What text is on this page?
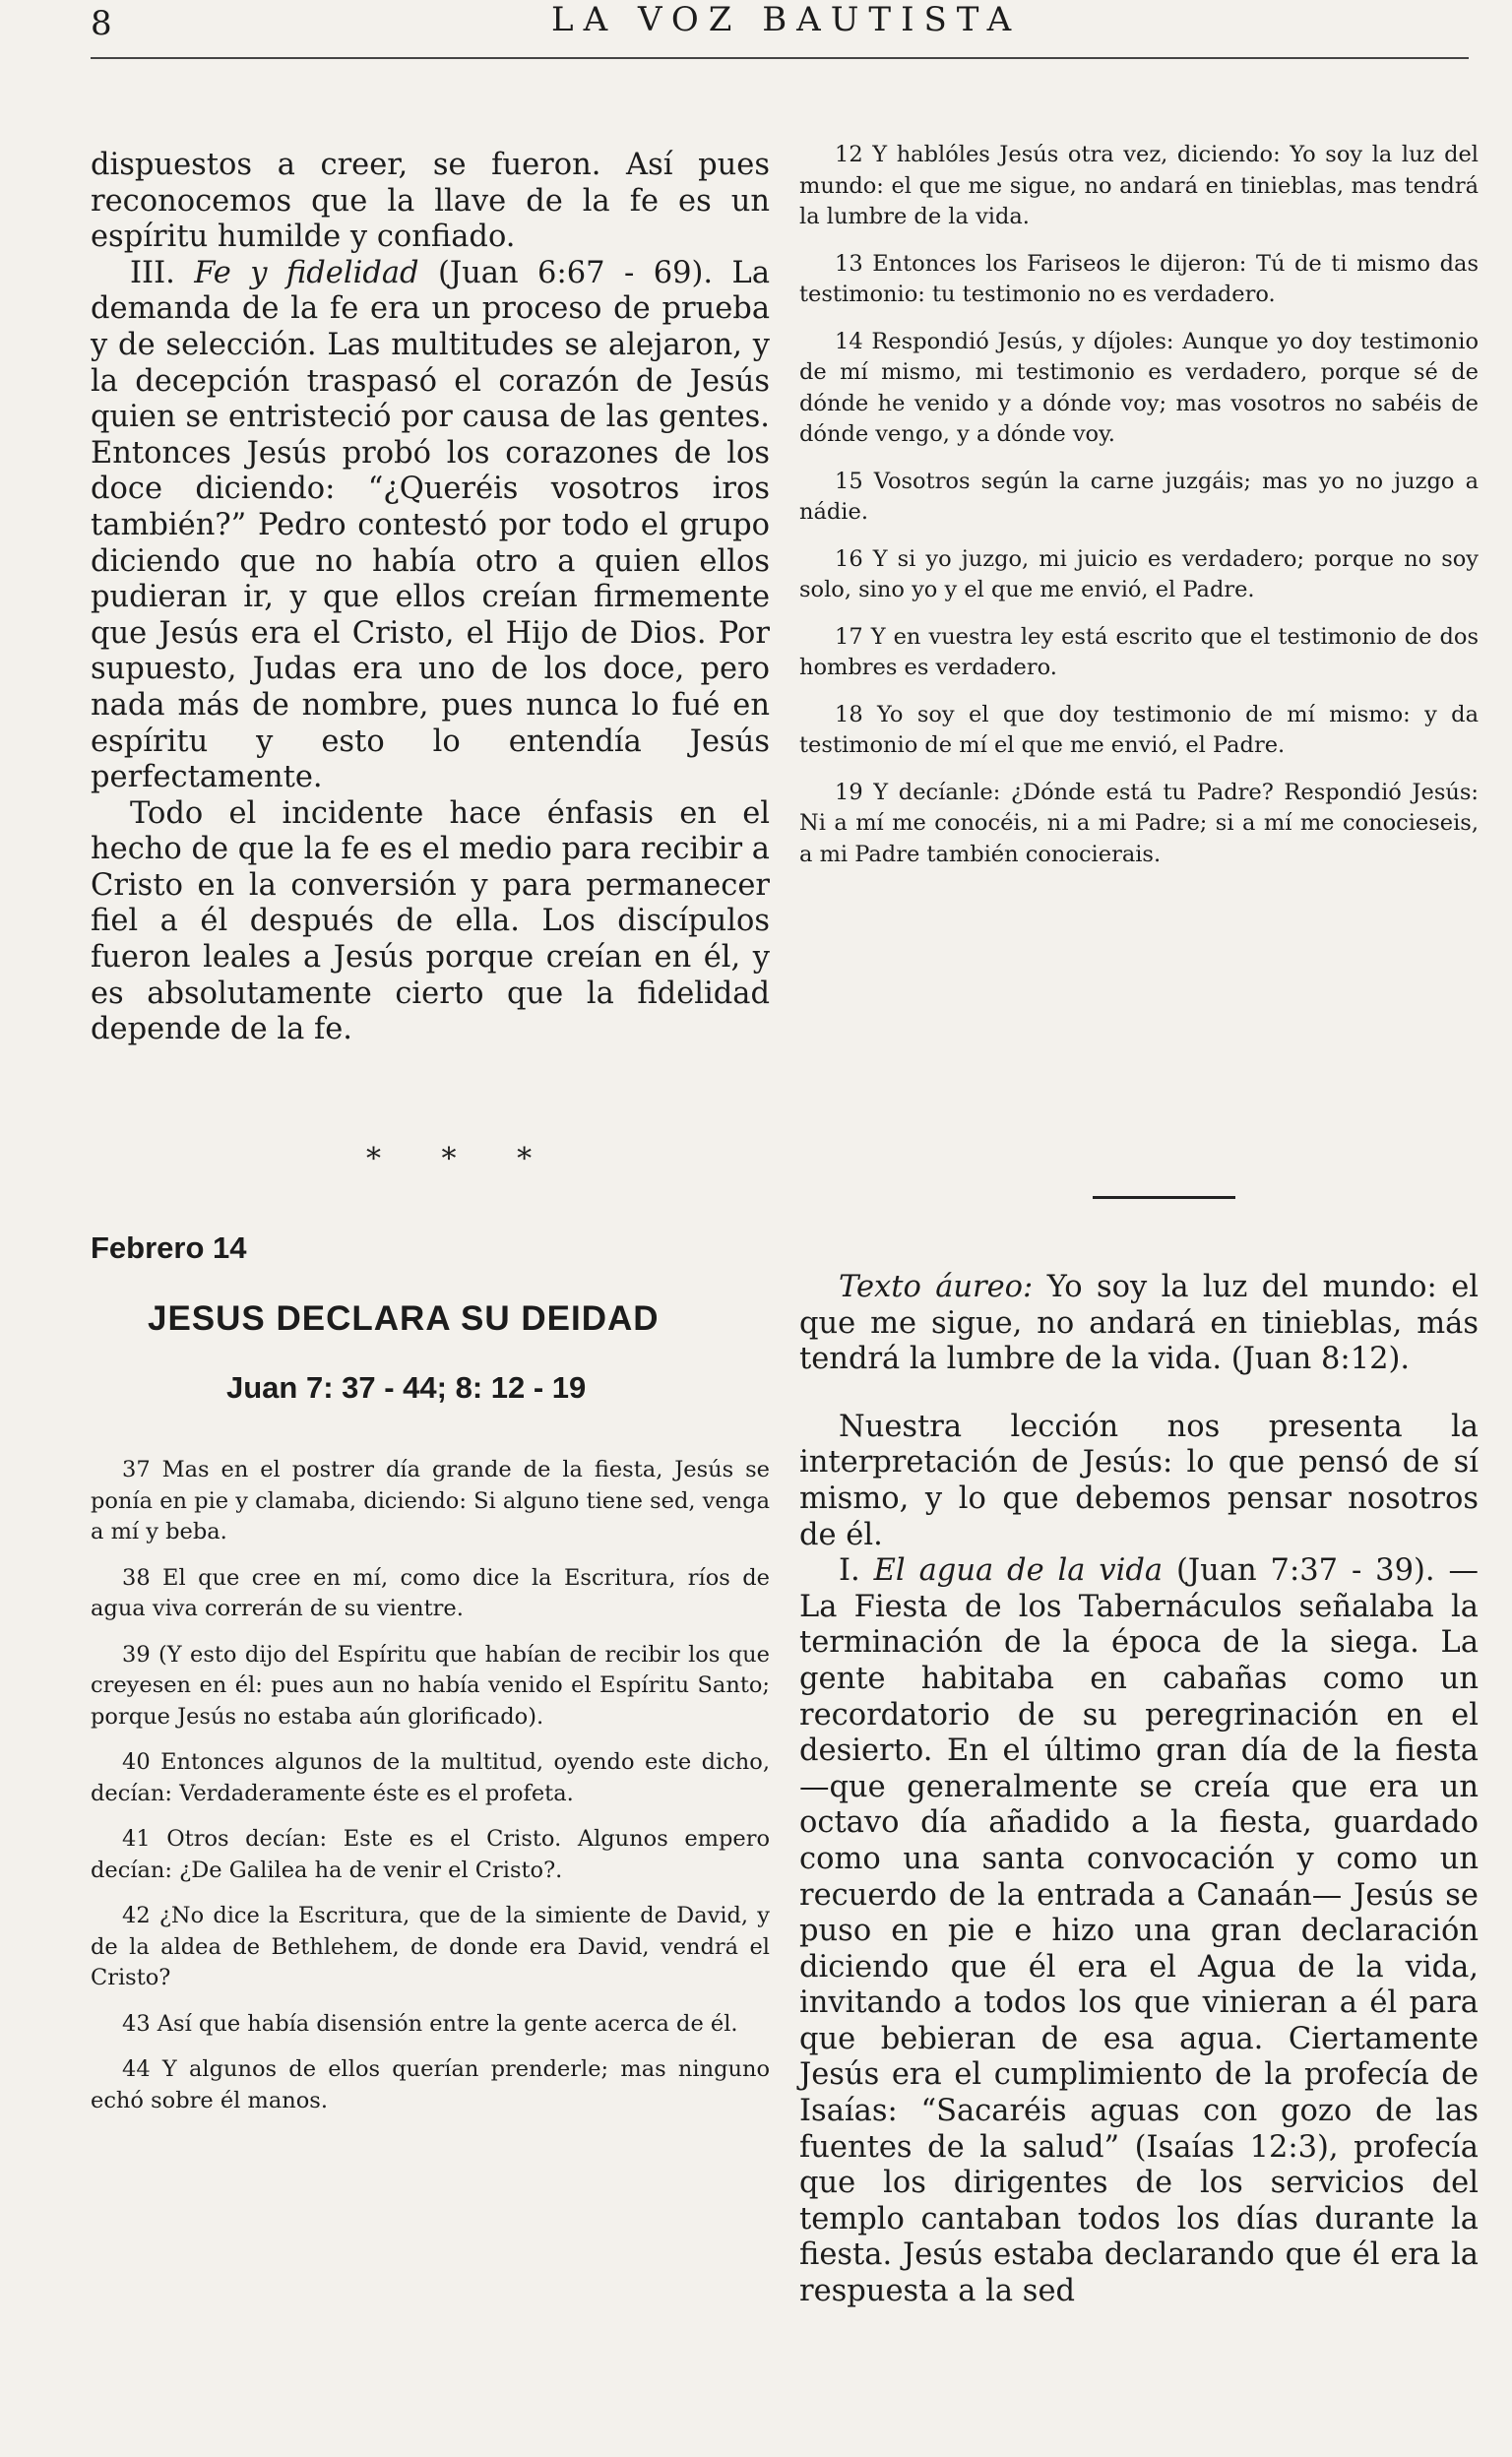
8	LA VOZ BAUTISTA

dispuestos a creer, se fueron. Así pues reconocemos que la llave de la fe es un espíritu humilde y confiado.

III. Fe y fidelidad (Juan 6:67 - 69). La demanda de la fe era un proceso de prueba y de selección. Las multitudes se alejaron, y la decepción traspasó el corazón de Jesús quien se entristeció por causa de las gentes. Entonces Jesús probó los corazones de los doce diciendo: “¿Queréis vosotros iros también?” Pedro contestó por todo el grupo diciendo que no había otro a quien ellos pudieran ir, y que ellos creían firmemente que Jesús era el Cristo, el Hijo de Dios. Por supuesto, Judas era uno de los doce, pero nada más de nombre, pues nunca lo fué en espíritu y esto lo entendía Jesús perfectamente.

Todo el incidente hace énfasis en el hecho de que la fe es el medio para recibir a Cristo en la conversión y para permanecer fiel a él después de ella. Los discípulos fueron leales a Jesús porque creían en él, y es absolutamente cierto que la fidelidad depende de la fe.

* * *

12 Y hablóles Jesús otra vez, diciendo: Yo soy la luz del mundo: el que me sigue, no andará en tinieblas, mas tendrá la lumbre de la vida.

13 Entonces los Fariseos le dijeron: Tú de ti mismo das testimonio: tu testimonio no es verdadero.

14 Respondió Jesús, y díjoles: Aunque yo doy testimonio de mí mismo, mi testimonio es verdadero, porque sé de dónde he venido y a dónde voy; mas vosotros no sabéis de dónde vengo, y a dónde voy.

15 Vosotros según la carne juzgáis; mas yo no juzgo a nádie.

16 Y si yo juzgo, mi juicio es verdadero; porque no soy solo, sino yo y el que me envió, el Padre.

17 Y en vuestra ley está escrito que el testimonio de dos hombres es verdadero.

18 Yo soy el que doy testimonio de mí mismo: y da testimonio de mí el que me envió, el Padre.

19 Y decíanle: ¿Dónde está tu Padre? Respondió Jesús: Ni a mí me conocéis, ni a mi Padre; si a mí me conocieseis, a mi Padre también conocierais.

Febrero 14
JESUS DECLARA SU DEIDAD
Juan 7: 37 - 44; 8: 12 - 19

37 Mas en el postrer día grande de la fiesta, Jesús se ponía en pie y clamaba, diciendo: Si alguno tiene sed, venga a mí y beba.

38 El que cree en mí, como dice la Escritura, ríos de agua viva correrán de su vientre.

39 (Y esto dijo del Espíritu que habían de recibir los que creyesen en él: pues aun no había venido el Espíritu Santo; porque Jesús no estaba aún glorificado).

40 Entonces algunos de la multitud, oyendo este dicho, decían: Verdaderamente éste es el profeta.

41 Otros decían: Este es el Cristo. Algunos empero decían: ¿De Galilea ha de venir el Cristo?.

42 ¿No dice la Escritura, que de la simiente de David, y de la aldea de Bethlehem, de donde era David, vendrá el Cristo?

43 Así que había disensión entre la gente acerca de él.

44 Y algunos de ellos querían prenderle; mas ninguno echó sobre él manos.

Texto áureo: Yo soy la luz del mundo: el que me sigue, no andará en tinieblas, más tendrá la lumbre de la vida. (Juan 8:12).

Nuestra lección nos presenta la interpretación de Jesús: lo que pensó de sí mismo, y lo que debemos pensar nosotros de él.

I. El agua de la vida (Juan 7:37 - 39). — La Fiesta de los Tabernáculos señalaba la terminación de la época de la siega. La gente habitaba en cabañas como un recordatorio de su peregrinación en el desierto. En el último gran día de la fiesta —que generalmente se creía que era un octavo día añadido a la fiesta, guardado como una santa convocación y como un recuerdo de la entrada a Canaán— Jesús se puso en pie e hizo una gran declaración diciendo que él era el Agua de la vida, invitando a todos los que vinieran a él para que bebieran de esa agua. Ciertamente Jesús era el cumplimiento de la profecía de Isaías: “Sacaréis aguas con gozo de las fuentes de la salud” (Isaías 12:3), profecía que los dirigentes de los servicios del templo cantaban todos los días durante la fiesta. Jesús estaba declarando que él era la respuesta a la sed
